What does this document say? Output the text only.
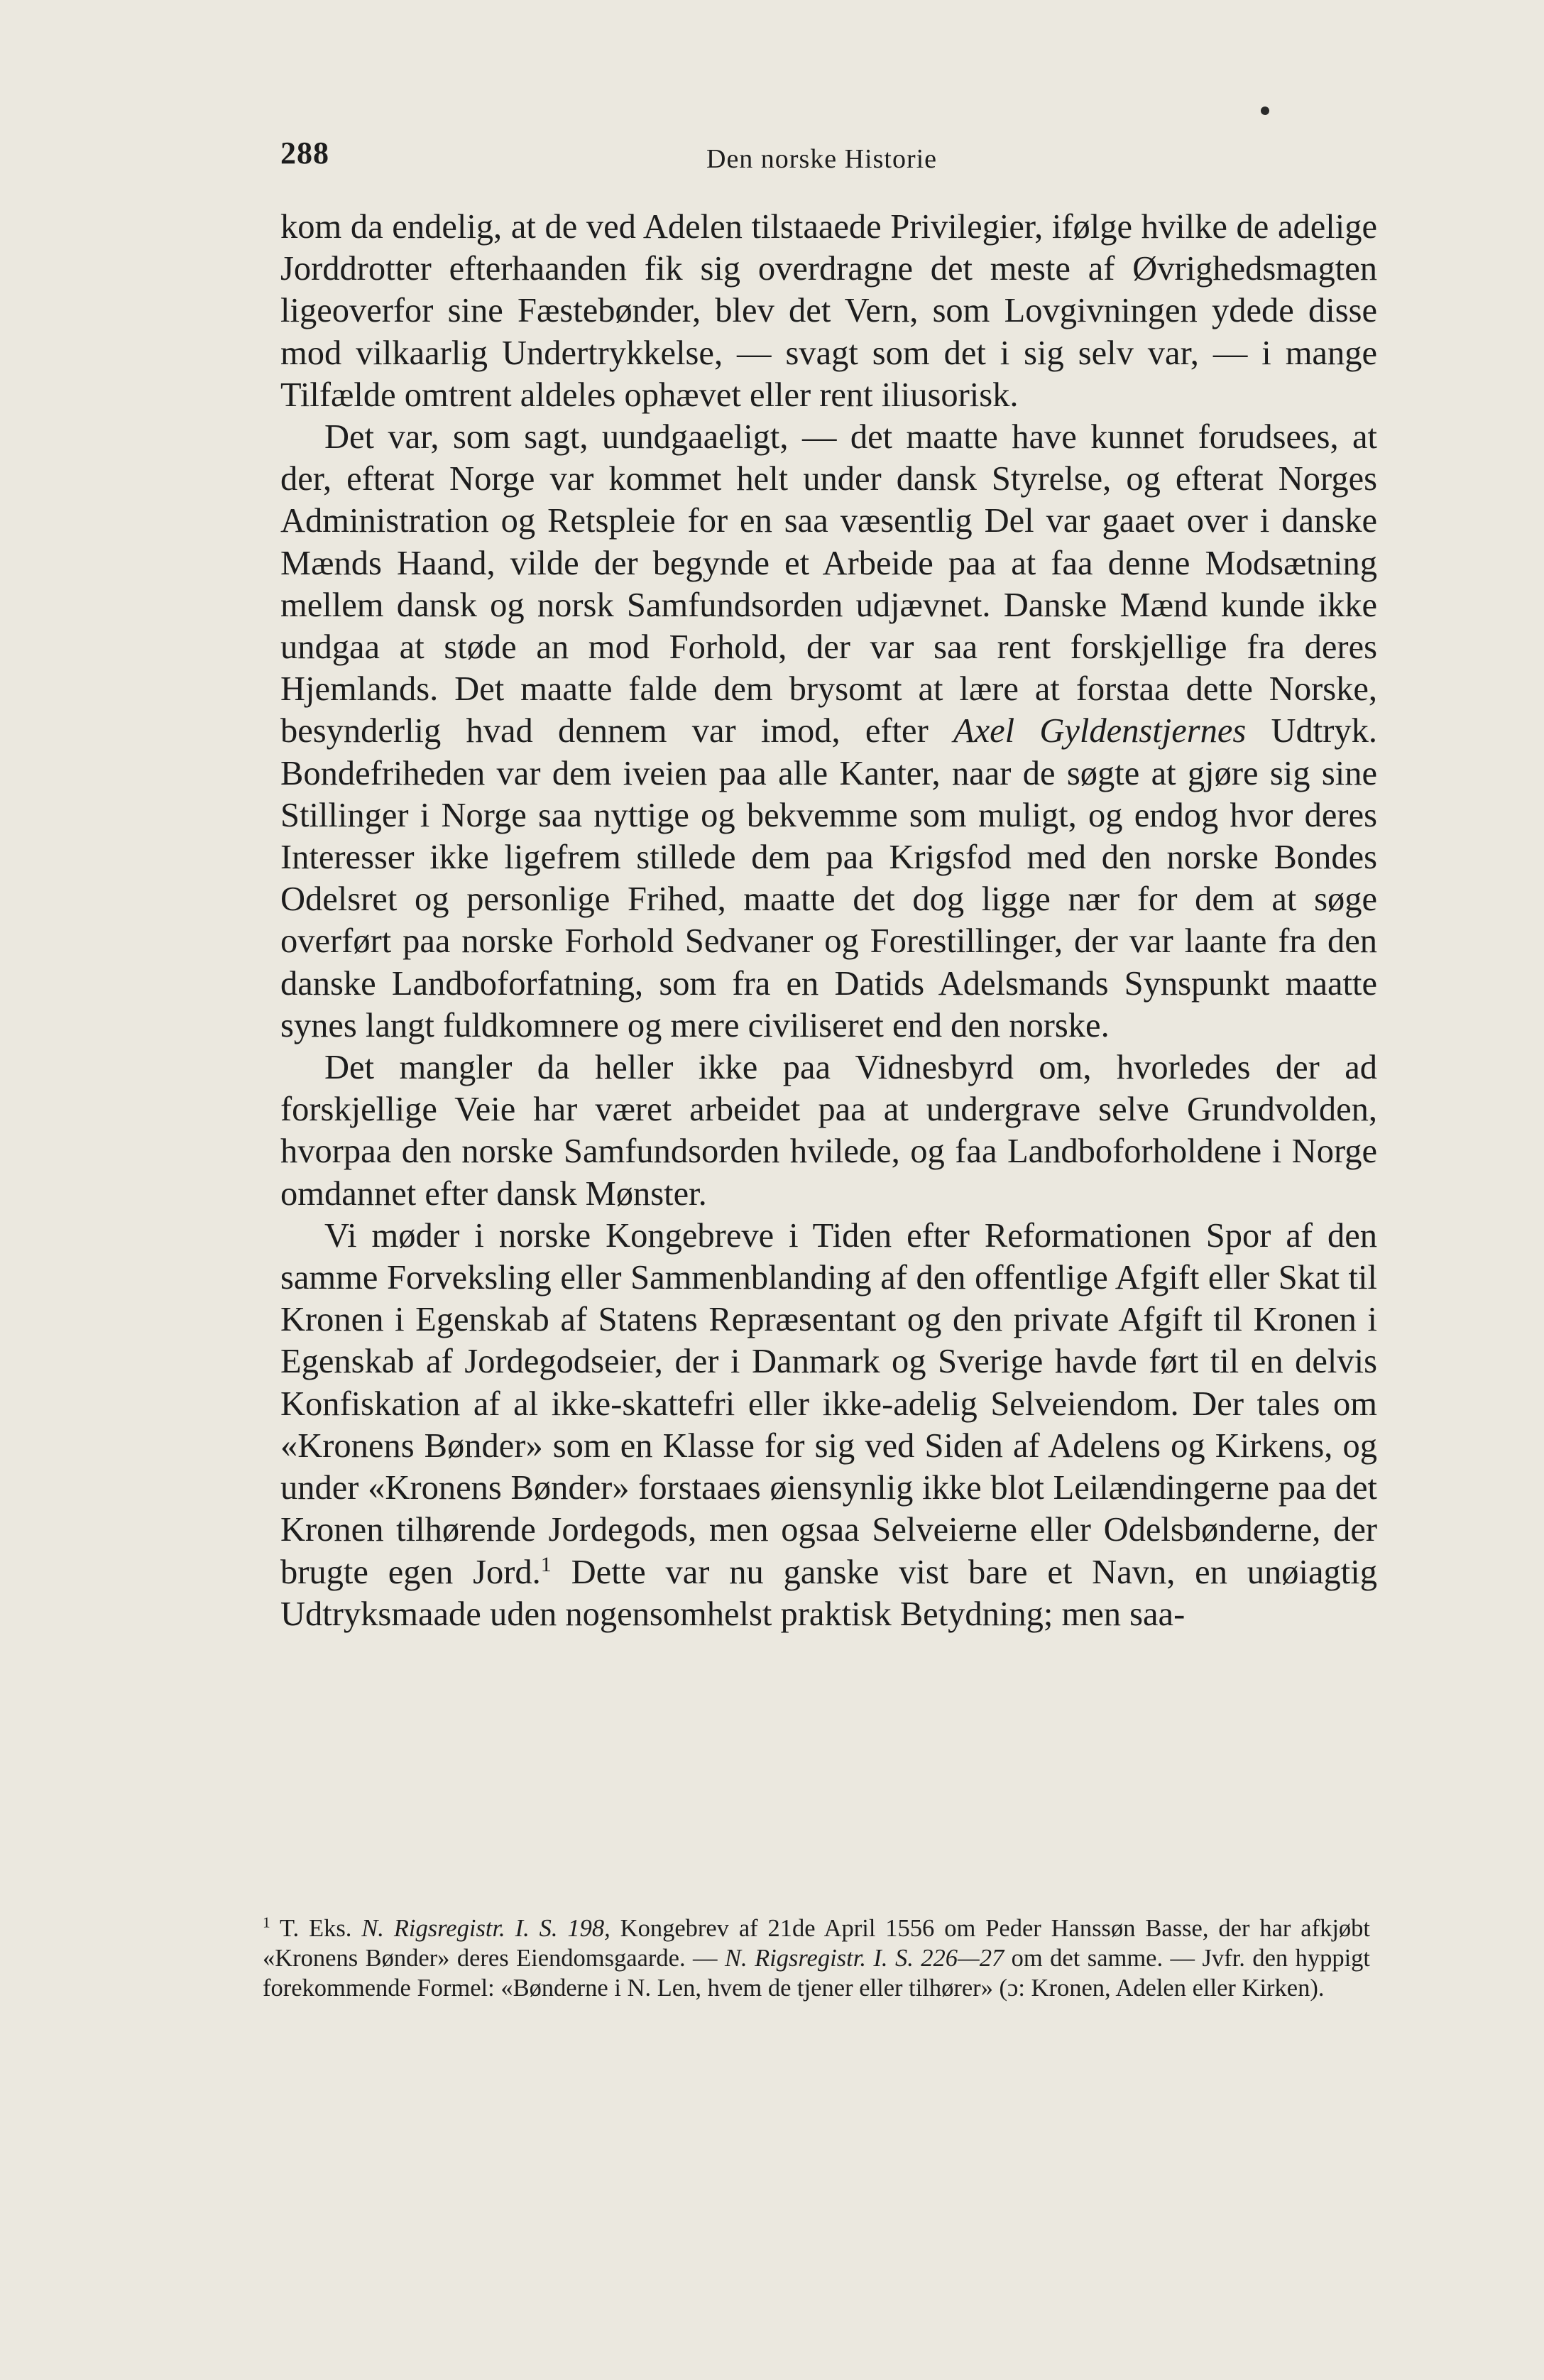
288	Den norske Historie

kom da endelig, at de ved Adelen tilstaaede Privilegier, ifølge hvilke de adelige Jorddrotter efterhaanden fik sig overdragne det meste af Øvrighedsmagten ligeoverfor sine Fæstebønder, blev det Vern, som Lovgivningen ydede disse mod vilkaarlig Undertrykkelse, — svagt som det i sig selv var, — i mange Tilfælde omtrent aldeles ophævet eller rent iliusorisk.

Det var, som sagt, uundgaaeligt, — det maatte have kunnet forudsees, at der, efterat Norge var kommet helt under dansk Styrelse, og efterat Norges Administration og Retspleie for en saa væsentlig Del var gaaet over i danske Mænds Haand, vilde der begynde et Arbeide paa at faa denne Modsætning mellem dansk og norsk Samfundsorden udjævnet. Danske Mænd kunde ikke undgaa at støde an mod Forhold, der var saa rent forskjellige fra deres Hjemlands. Det maatte falde dem brysomt at lære at forstaa dette Norske, besynderlig hvad dennem var imod, efter Axel Gyldenstjernes Udtryk. Bondefriheden var dem iveien paa alle Kanter, naar de søgte at gjøre sig sine Stillinger i Norge saa nyttige og bekvemme som muligt, og endog hvor deres Interesser ikke ligefrem stillede dem paa Krigsfod med den norske Bondes Odelsret og personlige Frihed, maatte det dog ligge nær for dem at søge overført paa norske Forhold Sedvaner og Forestillinger, der var laante fra den danske Landboforfatning, som fra en Datids Adelsmands Synspunkt maatte synes langt fuldkomnere og mere civiliseret end den norske.

Det mangler da heller ikke paa Vidnesbyrd om, hvorledes der ad forskjellige Veie har været arbeidet paa at undergrave selve Grundvolden, hvorpaa den norske Samfundsorden hvilede, og faa Landboforholdene i Norge omdannet efter dansk Mønster.

Vi møder i norske Kongebreve i Tiden efter Reformationen Spor af den samme Forveksling eller Sammenblanding af den offentlige Afgift eller Skat til Kronen i Egenskab af Statens Repræsentant og den private Afgift til Kronen i Egenskab af Jordegodseier, der i Danmark og Sverige havde ført til en delvis Konfiskation af al ikke-skattefri eller ikke-adelig Selveiendom. Der tales om «Kronens Bønder» som en Klasse for sig ved Siden af Adelens og Kirkens, og under «Kronens Bønder» forstaaes øiensynlig ikke blot Leilændingerne paa det Kronen tilhørende Jordegods, men ogsaa Selveierne eller Odelsbønderne, der brugte egen Jord.$^1$ Dette var nu ganske vist bare et Navn, en unøiagtig Udtryksmaade uden nogensomhelst praktisk Betydning; men saa-

$^1$ T. Eks. N. Rigsregistr. I. S. 198, Kongebrev af 21de April 1556 om Peder Hanssøn Basse, der har afkjøbt «Kronens Bønder» deres Eiendomsgaarde. — N. Rigsregistr. I. S. 226—27 om det samme. — Jvfr. den hyppigt forekommende Formel: «Bønderne i N. Len, hvem de tjener eller tilhører» (ɔ: Kronen, Adelen eller Kirken).
